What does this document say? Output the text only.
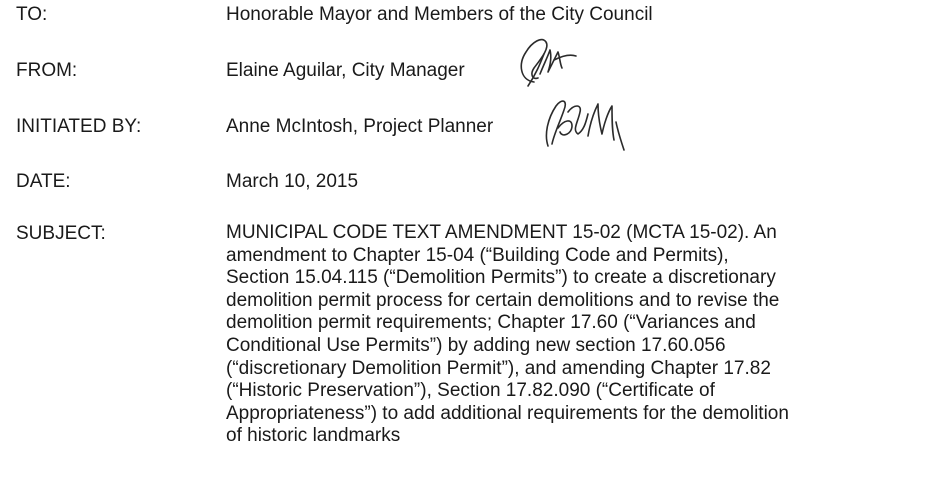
TO:	Honorable Mayor and Members of the City Council
FROM:	Elaine Aguilar, City Manager
INITIATED BY:	Anne McIntosh, Project Planner
DATE:	March 10, 2015
SUBJECT:	MUNICIPAL CODE TEXT AMENDMENT 15-02 (MCTA 15-02). An
amendment to Chapter 15-04 (“Building Code and Permits),
Section 15.04.115 (“Demolition Permits”) to create a discretionary
demolition permit process for certain demolitions and to revise the
demolition permit requirements; Chapter 17.60 (“Variances and
Conditional Use Permits”) by adding new section 17.60.056
(“discretionary Demolition Permit”), and amending Chapter 17.82
(“Historic Preservation”), Section 17.82.090 (“Certificate of
Appropriateness”) to add additional requirements for the demolition
of historic landmarks
